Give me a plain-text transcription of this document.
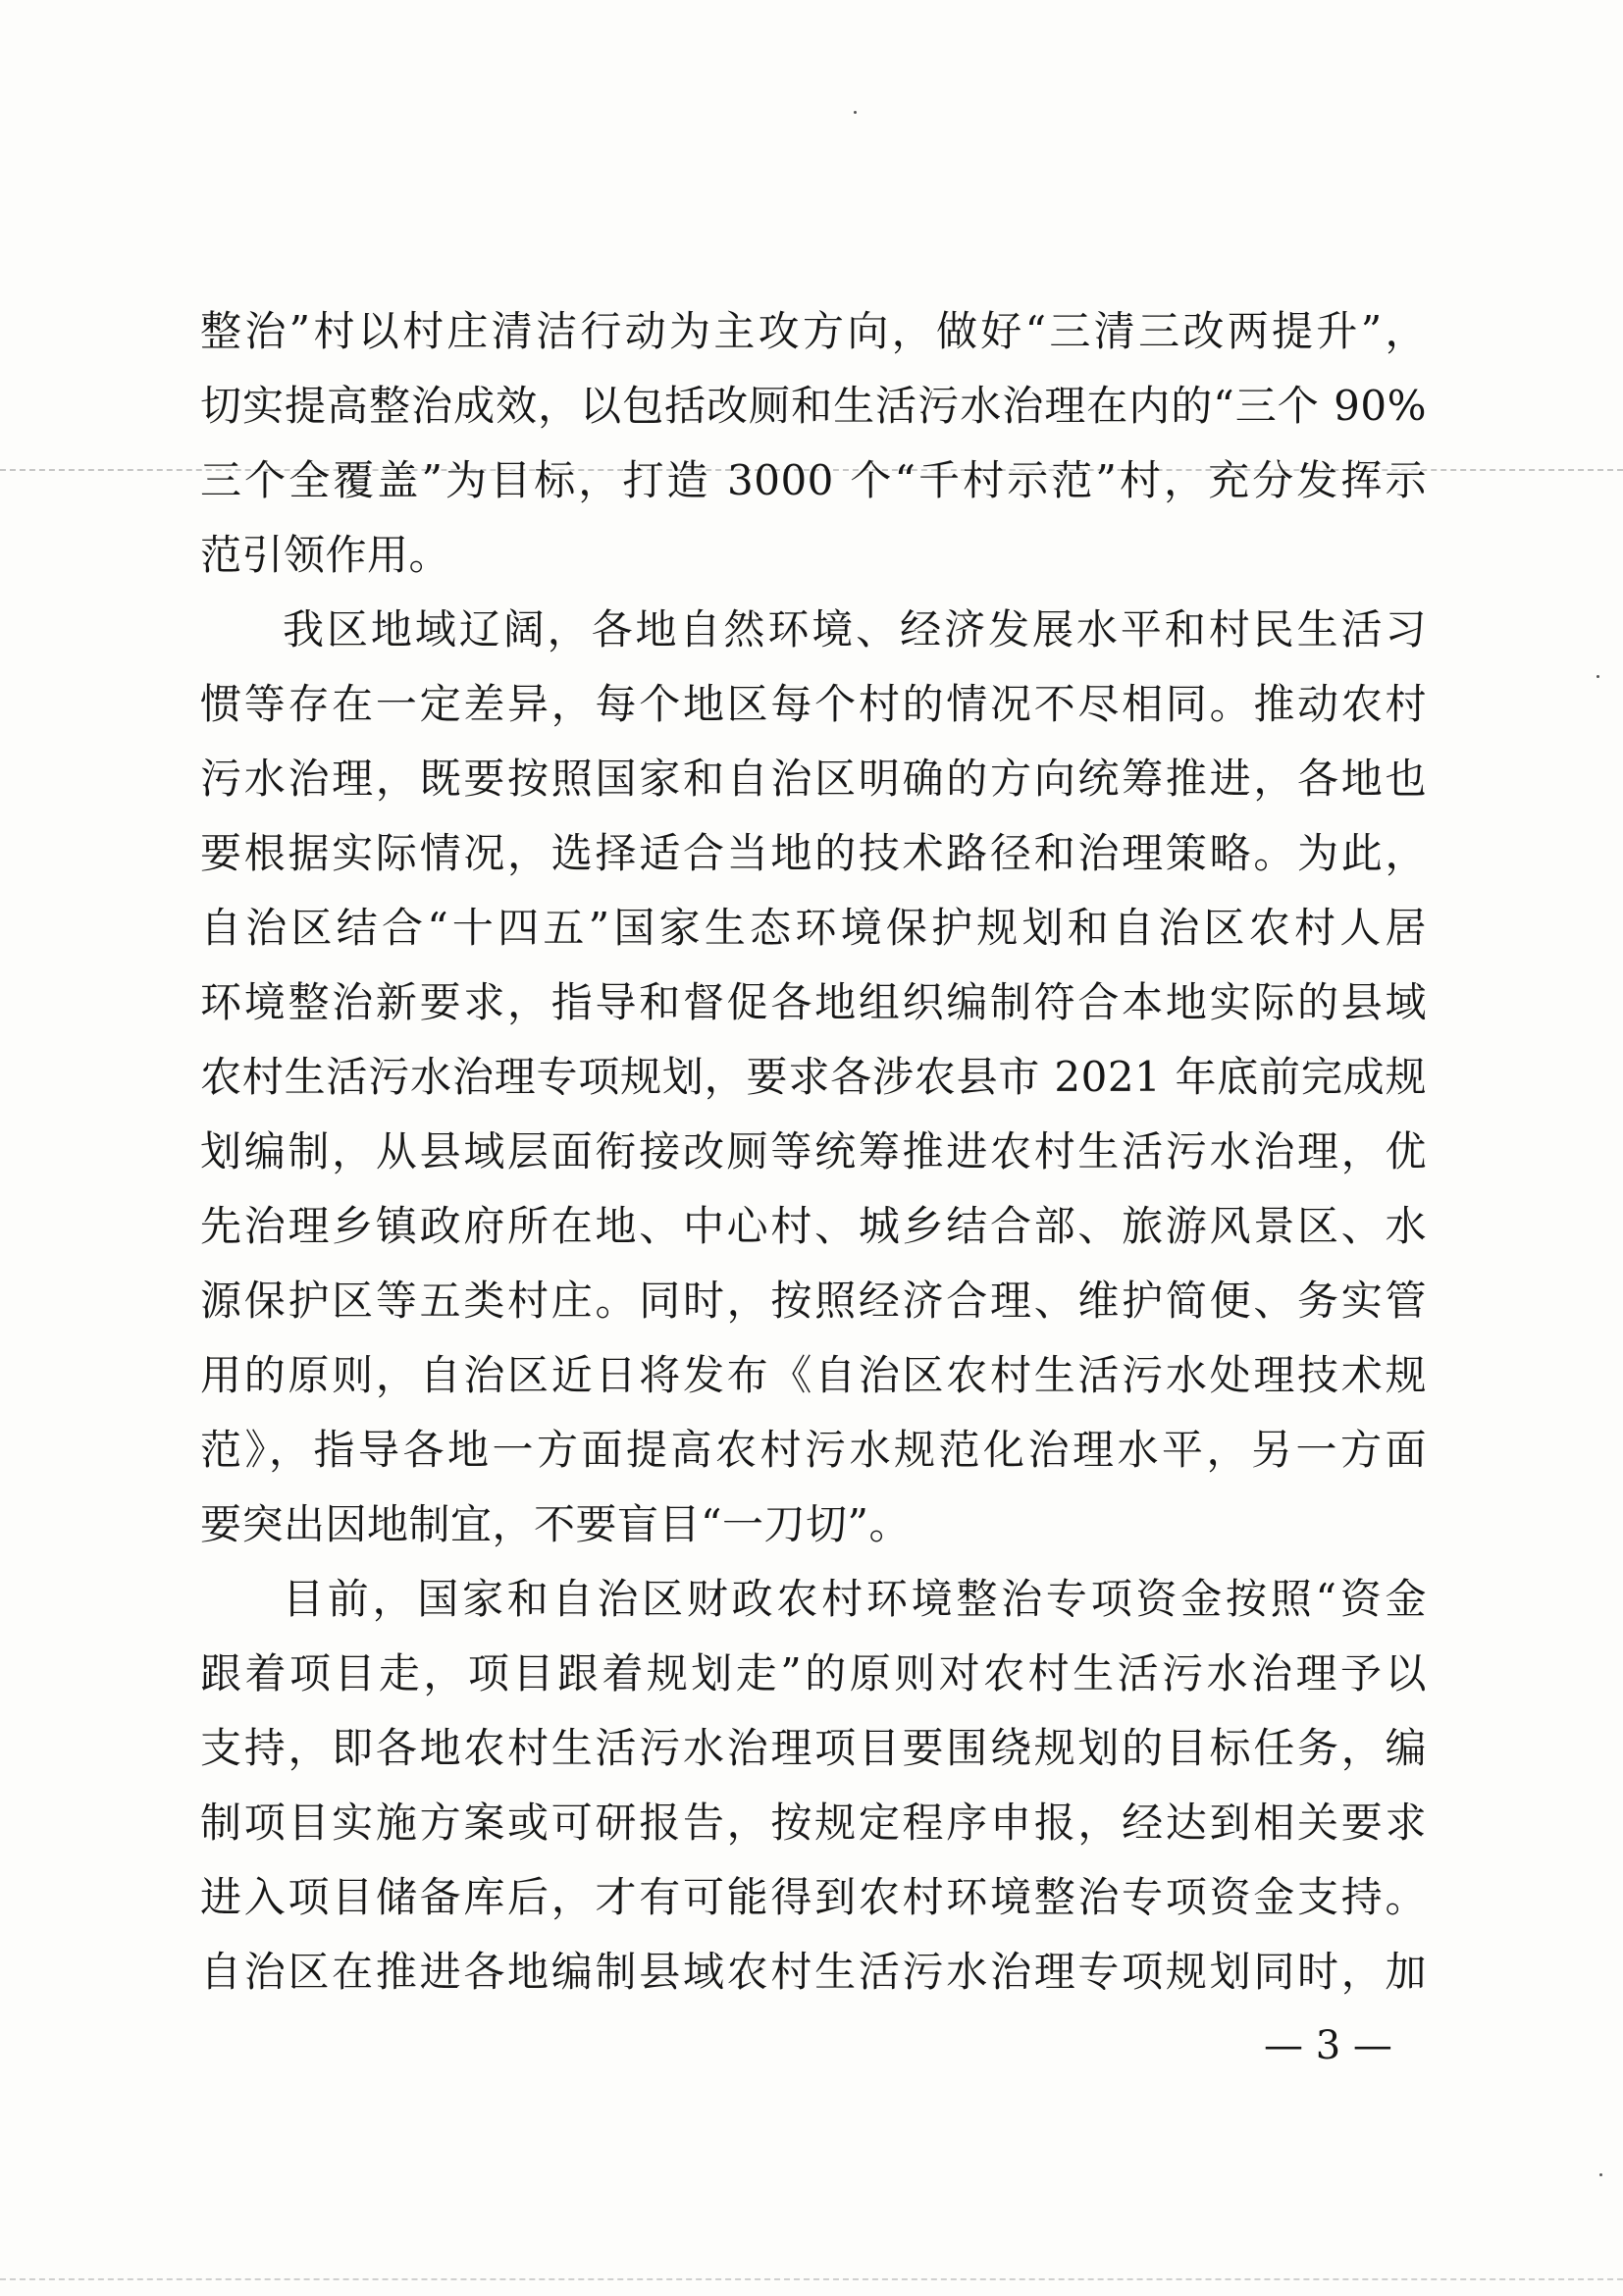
整治”村以村庄清洁行动为主攻方向，做好“三清三改两提升”，
切实提高整治成效，以包括改厕和生活污水治理在内的“三个 90%
三个全覆盖”为目标，打造 3000 个“千村示范”村，充分发挥示
范引领作用。
我区地域辽阔，各地自然环境、经济发展水平和村民生活习
惯等存在一定差异，每个地区每个村的情况不尽相同。推动农村
污水治理，既要按照国家和自治区明确的方向统筹推进，各地也
要根据实际情况，选择适合当地的技术路径和治理策略。为此，
自治区结合“十四五”国家生态环境保护规划和自治区农村人居
环境整治新要求，指导和督促各地组织编制符合本地实际的县域
农村生活污水治理专项规划，要求各涉农县市 2021 年底前完成规
划编制，从县域层面衔接改厕等统筹推进农村生活污水治理，优
先治理乡镇政府所在地、中心村、城乡结合部、旅游风景区、水
源保护区等五类村庄。同时，按照经济合理、维护简便、务实管
用的原则，自治区近日将发布《自治区农村生活污水处理技术规
范》，指导各地一方面提高农村污水规范化治理水平，另一方面
要突出因地制宜，不要盲目“一刀切”。
目前，国家和自治区财政农村环境整治专项资金按照“资金
跟着项目走，项目跟着规划走”的原则对农村生活污水治理予以
支持，即各地农村生活污水治理项目要围绕规划的目标任务，编
制项目实施方案或可研报告，按规定程序申报，经达到相关要求
进入项目储备库后，才有可能得到农村环境整治专项资金支持。
自治区在推进各地编制县域农村生活污水治理专项规划同时，加
— 3 —
